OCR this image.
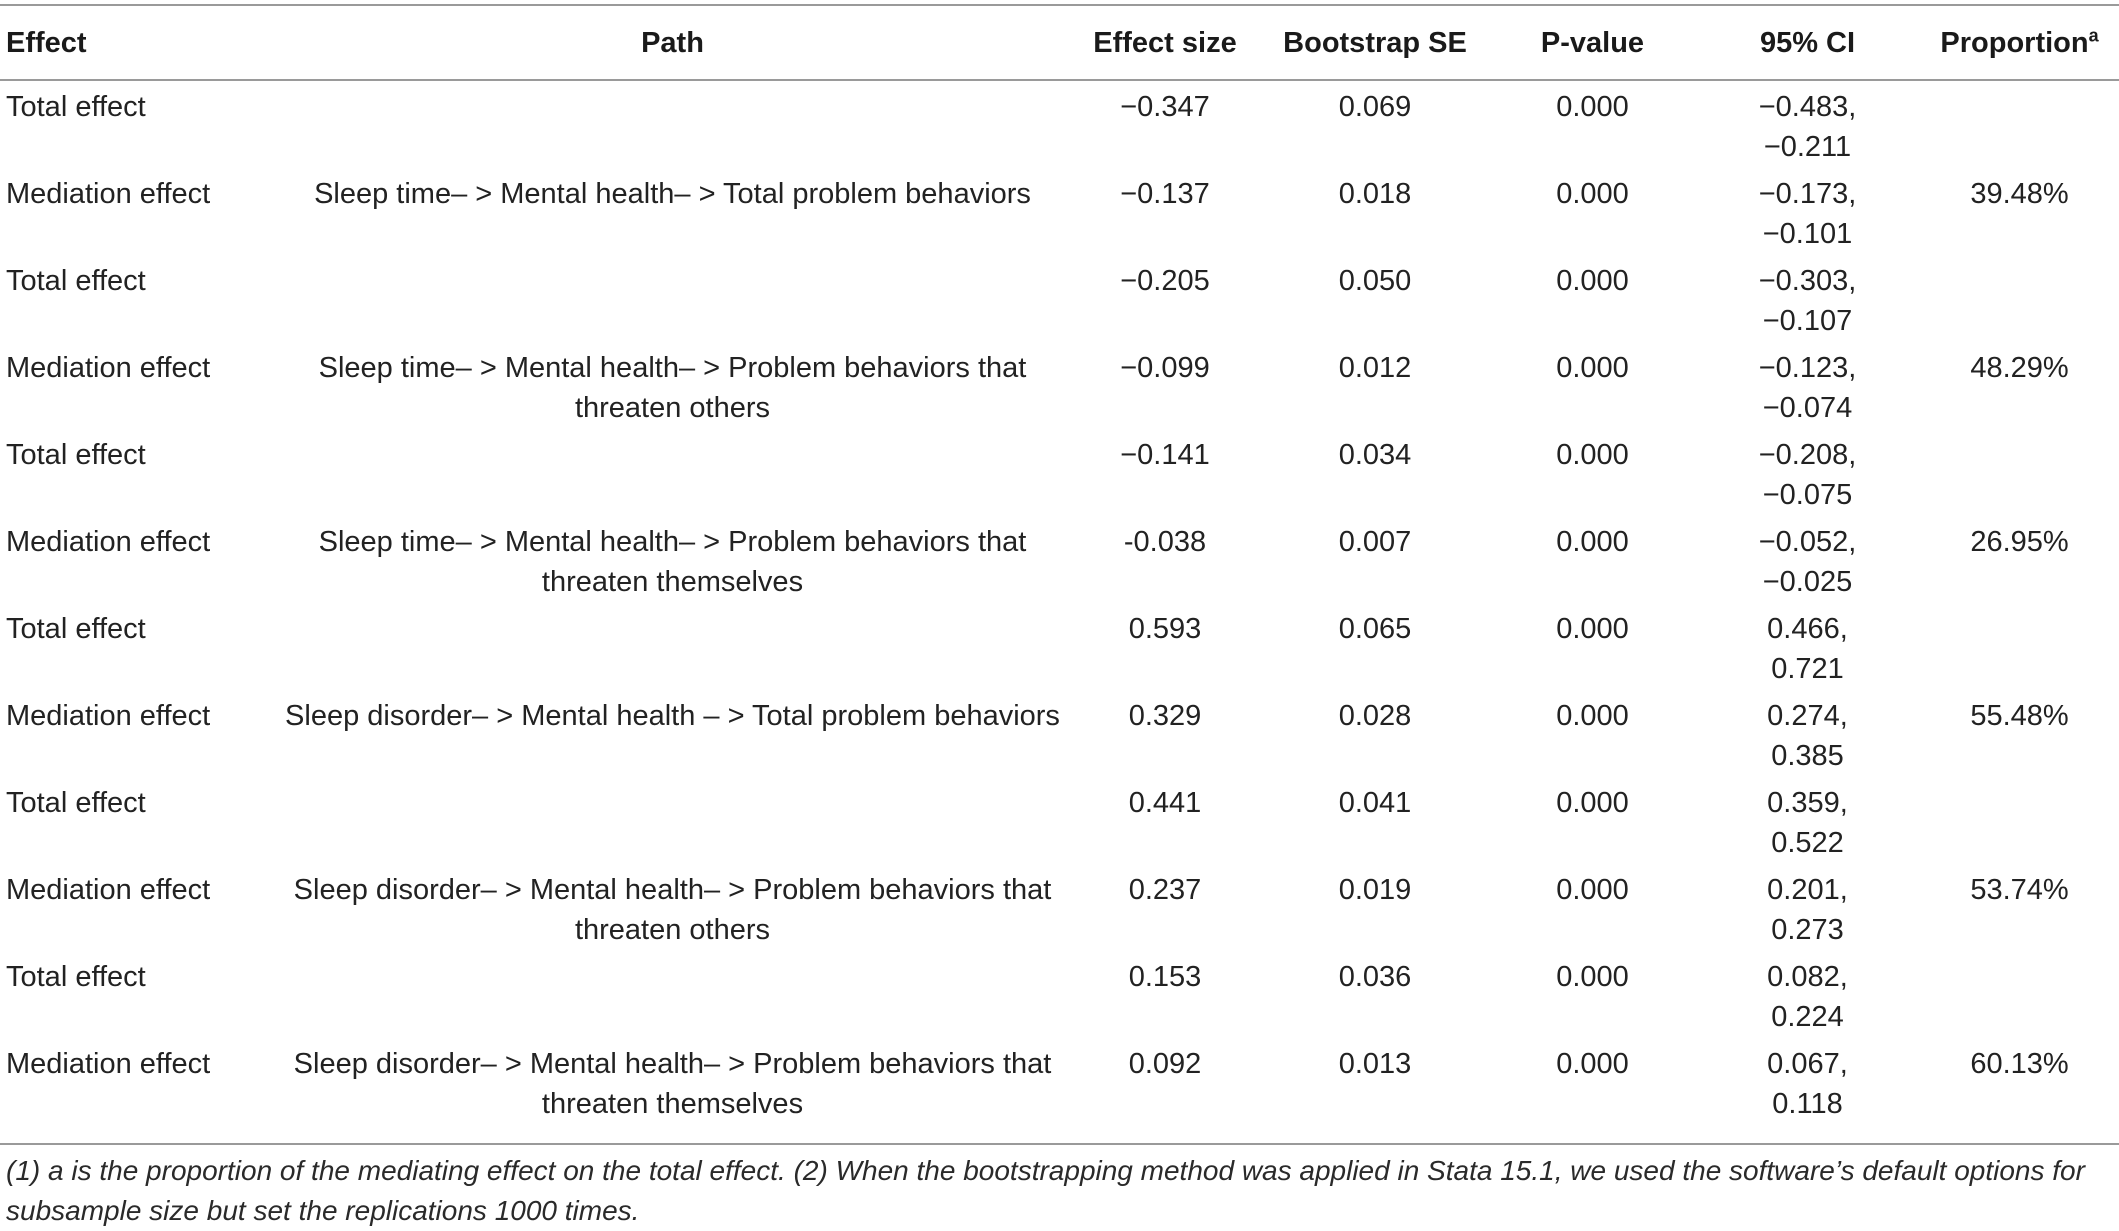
Effect	Path	Effect size	Bootstrap SE	P-value	95% CI	Proportion$^a$
Total effect		−0.347	0.069	0.000	−0.483,
−0.211	

Mediation effect	Sleep time– > Mental health– > Total problem behaviors	−0.137	0.018	0.000	−0.173,
−0.101	39.48%
Total effect		−0.205	0.050	0.000	−0.303,
−0.107	

Mediation effect	Sleep time– > Mental health– > Problem behaviors that threaten others	−0.099	0.012	0.000	−0.123,
−0.074	48.29%
Total effect		−0.141	0.034	0.000	−0.208,
−0.075	

Mediation effect	Sleep time– > Mental health– > Problem behaviors that threaten themselves	-0.038	0.007	0.000	−0.052,
−0.025	26.95%
Total effect		0.593	0.065	0.000	0.466,
0.721	

Mediation effect	Sleep disorder– > Mental health – > Total problem behaviors	0.329	0.028	0.000	0.274,
0.385	55.48%
Total effect		0.441	0.041	0.000	0.359,
0.522	

Mediation effect	Sleep disorder– > Mental health– > Problem behaviors that threaten others	0.237	0.019	0.000	0.201,
0.273	53.74%
Total effect		0.153	0.036	0.000	0.082,
0.224	

Mediation effect	Sleep disorder– > Mental health– > Problem behaviors that threaten themselves	0.092	0.013	0.000	0.067,
0.118	60.13%
(1) a is the proportion of the mediating effect on the total effect. (2) When the bootstrapping method was applied in Stata 15.1, we used the software’s default options for subsample size but set the replications 1000 times.
